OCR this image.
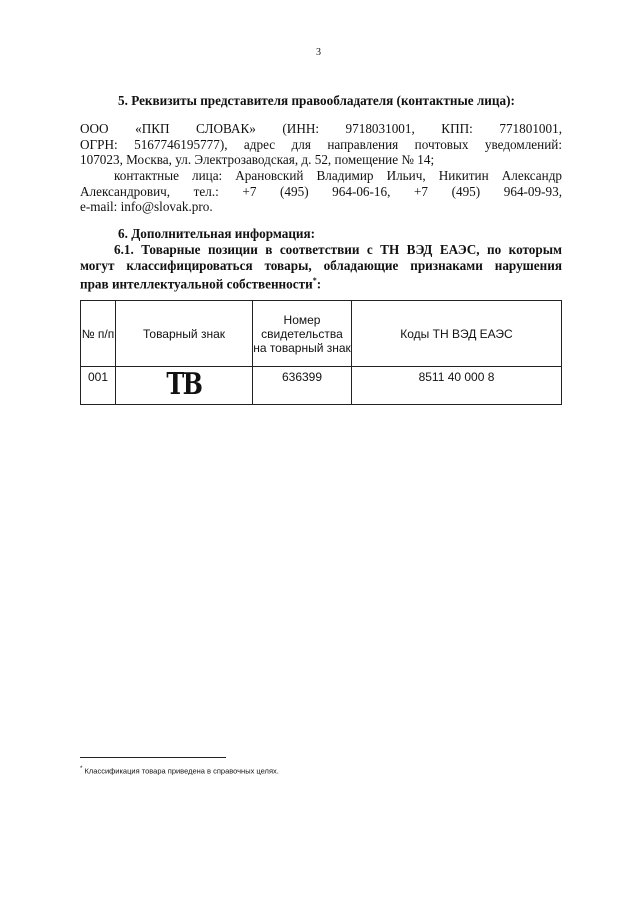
3
5. Реквизиты представителя правообладателя (контактные лица):
ООО «ПКП СЛОВАК» (ИНН: 9718031001, КПП: 771801001,
ОГРН: 5167746195777), адрес для направления почтовых уведомлений:
107023, Москва, ул. Электрозаводская, д. 52, помещение № 14;
контактные лица: Арановский Владимир Ильич, Никитин Александр
Александрович, тел.: +7 (495) 964-06-16, +7 (495) 964-09-93,
e-mail: info@slovak.pro.
6. Дополнительная информация:
6.1. Товарные позиции в соответствии с ТН ВЭД ЕАЭС, по которым
могут классифицироваться товары, обладающие признаками нарушения
прав интеллектуальной собственности*:
№ п/п	Товарный знак	Номер свидетельства на товарный знак	Коды ТН ВЭД ЕАЭС
001	ТВ	636399	8511 40 000 8
* Классификация товара приведена в справочных целях.
